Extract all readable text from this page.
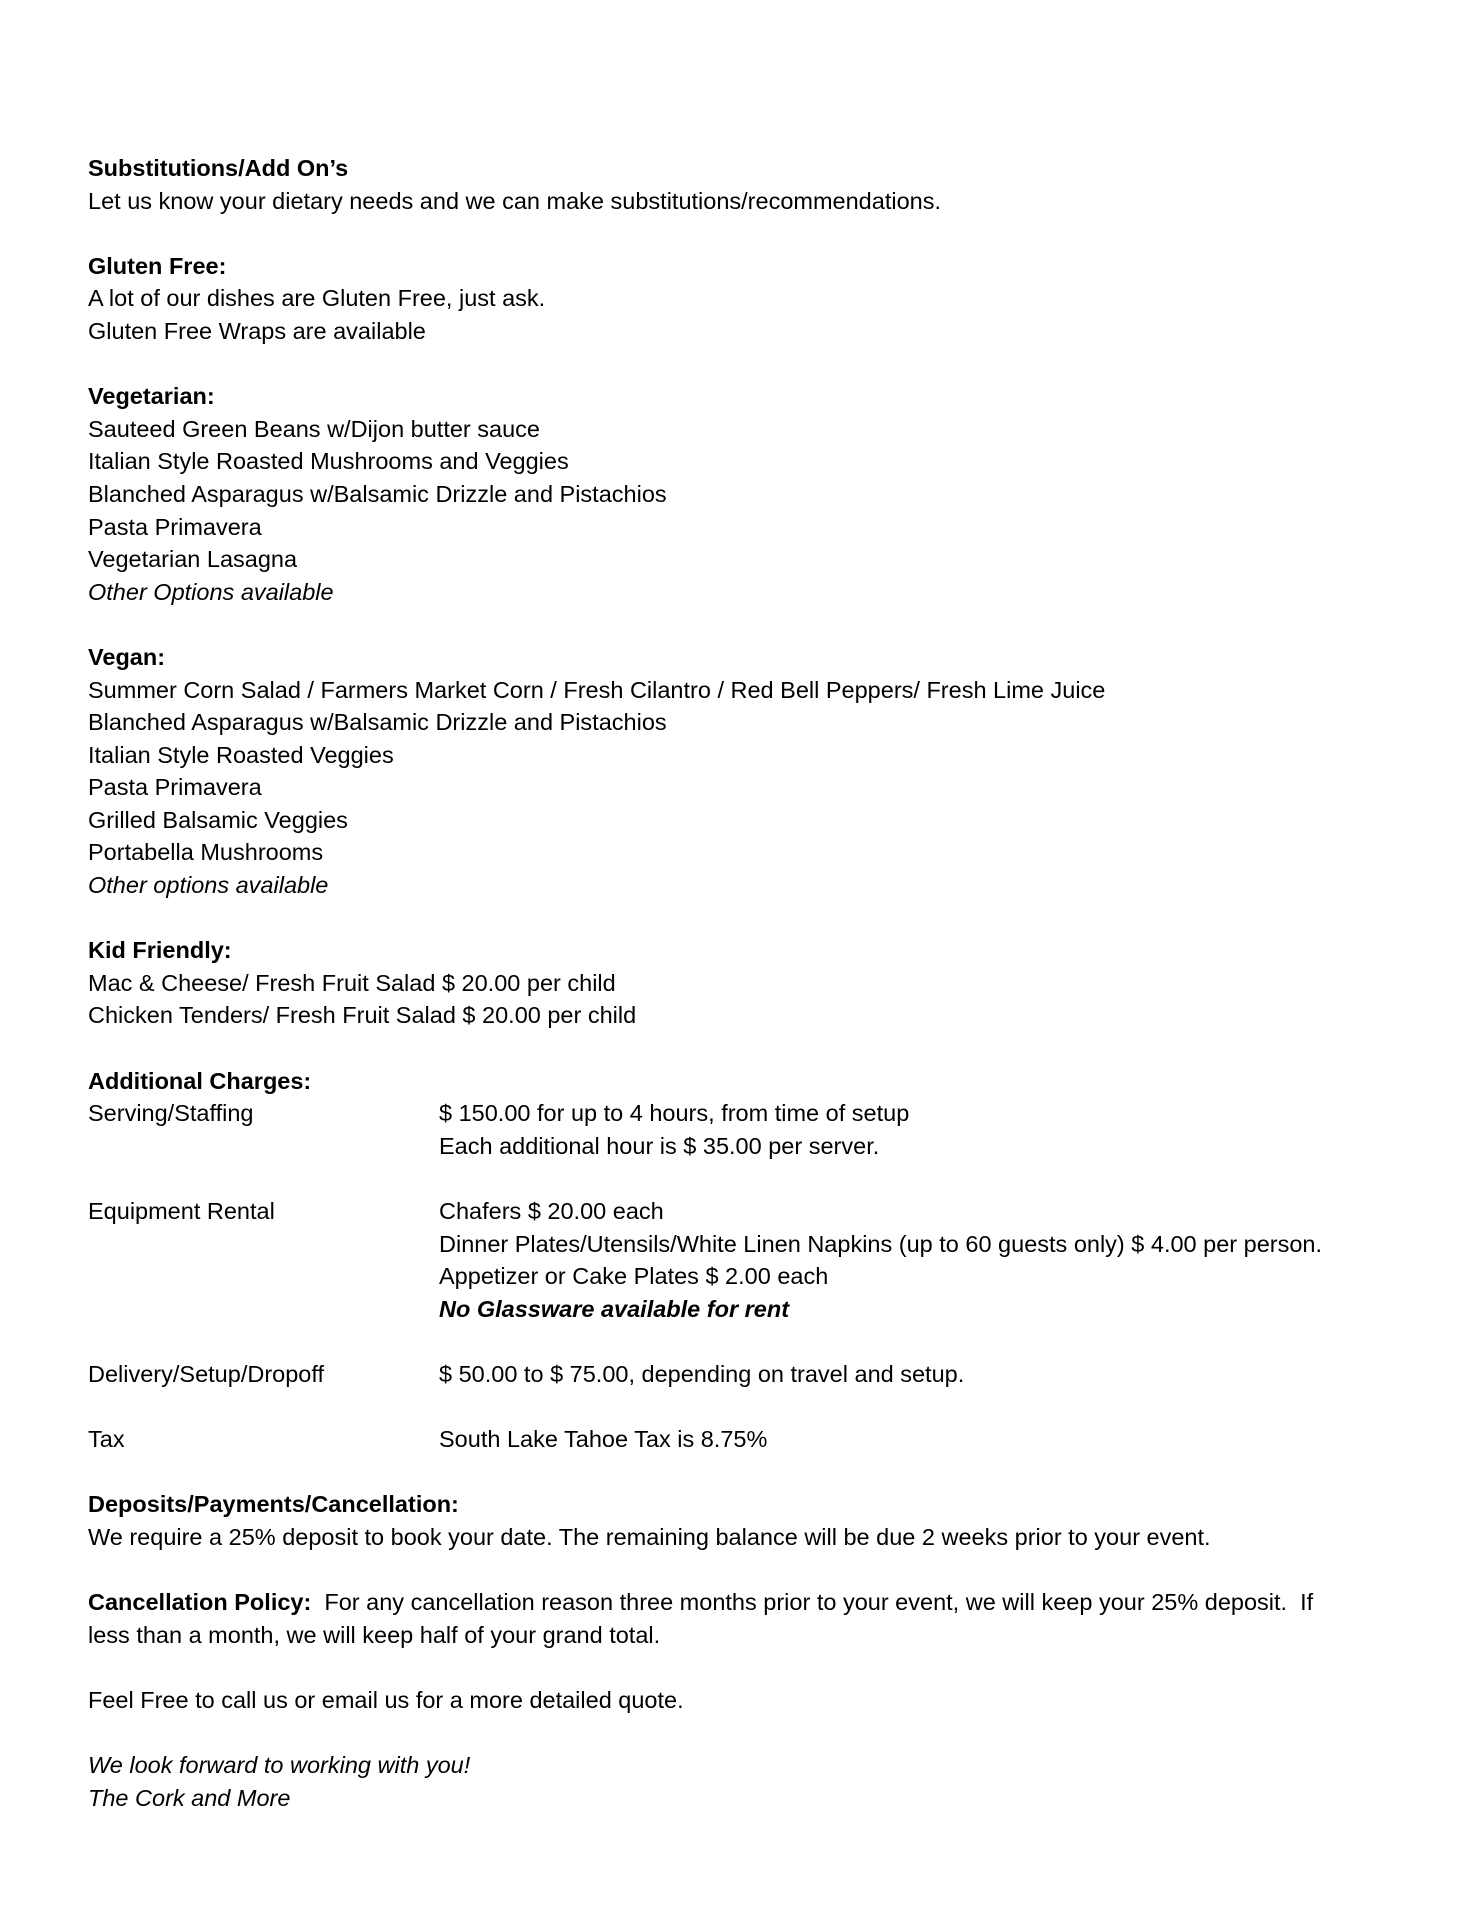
Substitutions/Add On’s
Let us know your dietary needs and we can make substitutions/recommendations.
Gluten Free:
A lot of our dishes are Gluten Free, just ask.
Gluten Free Wraps are available
Vegetarian:
Sauteed Green Beans w/Dijon butter sauce
Italian Style Roasted Mushrooms and Veggies
Blanched Asparagus w/Balsamic Drizzle and Pistachios
Pasta Primavera
Vegetarian Lasagna
Other Options available
Vegan:
Summer Corn Salad / Farmers Market Corn / Fresh Cilantro / Red Bell Peppers/ Fresh Lime Juice
Blanched Asparagus w/Balsamic Drizzle and Pistachios
Italian Style Roasted Veggies
Pasta Primavera
Grilled Balsamic Veggies
Portabella Mushrooms
Other options available
Kid Friendly:
Mac & Cheese/ Fresh Fruit Salad $ 20.00 per child
Chicken Tenders/ Fresh Fruit Salad $ 20.00 per child
Additional Charges:
Serving/Staffing	$ 150.00 for up to 4 hours, from time of setup
Each additional hour is $ 35.00 per server.
Equipment Rental	Chafers $ 20.00 each
Dinner Plates/Utensils/White Linen Napkins (up to 60 guests only) $ 4.00 per person.
Appetizer or Cake Plates $ 2.00 each
No Glassware available for rent
Delivery/Setup/Dropoff	$ 50.00 to $ 75.00, depending on travel and setup.
Tax	South Lake Tahoe Tax is 8.75%
Deposits/Payments/Cancellation:
We require a 25% deposit to book your date. The remaining balance will be due 2 weeks prior to your event.
Cancellation Policy:  For any cancellation reason three months prior to your event, we will keep your 25% deposit.  If
less than a month, we will keep half of your grand total.
Feel Free to call us or email us for a more detailed quote.
We look forward to working with you!
The Cork and More
